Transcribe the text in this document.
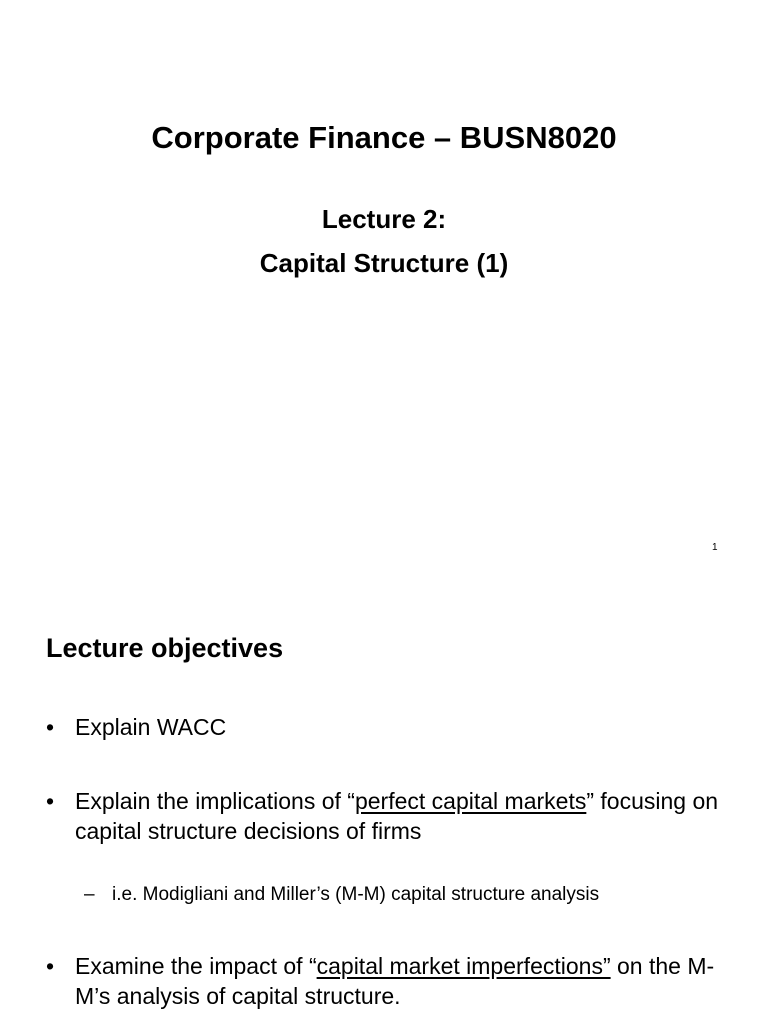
Corporate Finance – BUSN8020
Lecture 2:
Capital Structure (1)
1
Lecture objectives
• Explain WACC
• Explain the implications of “perfect capital markets” focusing on capital structure decisions of firms
– i.e. Modigliani and Miller’s (M-M) capital structure analysis
• Examine the impact of “capital market imperfections” on the M-M’s analysis of capital structure.
